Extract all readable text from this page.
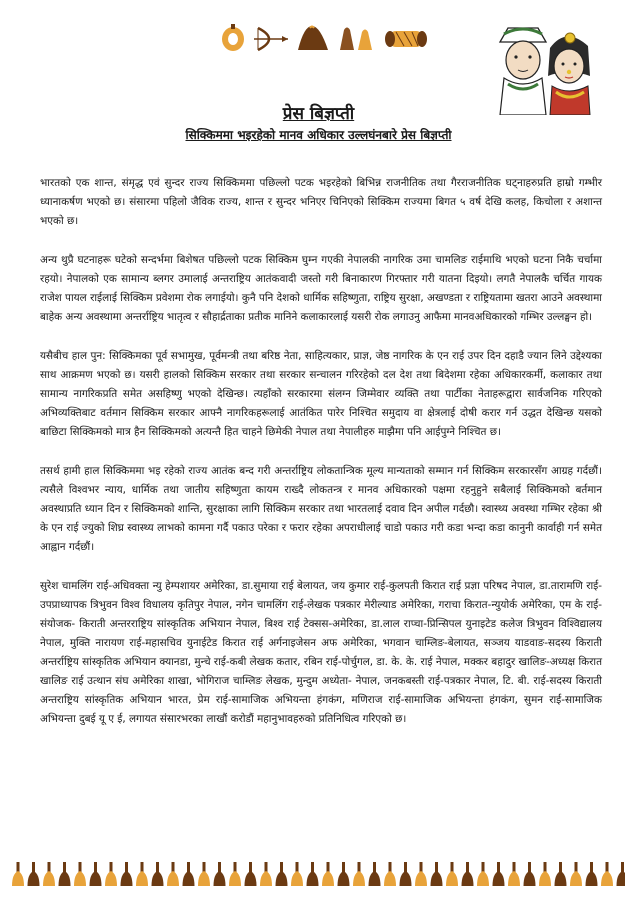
प्रेस बिज्ञप्ती
सिक्किममा भइरहेको मानव अधिकार उल्लघंनबारे प्रेस बिज्ञप्ती

भारतको एक शान्त, संमृद्ध एवं सुन्दर राज्य सिक्किममा पछिल्लो पटक भइरहेको बिभिन्न राजनीतिक तथा गैरराजनीतिक घट्नाहरुप्रति हाम्रो गम्भीर ध्यानाकर्षण भएको छ। संसारमा पहिलो जैविक राज्य, शान्त र सुन्दर भनिएर चिनिएको सिक्किम राज्यमा बिगत ५ वर्ष देखि कलह, किचोला र अशान्त भएको छ।

अन्य थुप्रै घटनाहरू घटेको सन्दर्भमा बिशेषत पछिल्लो पटक सिक्किम घुम्न गएकी नेपालकी नागरिक उमा चामलिङ राईमाथि भएको घटना निकै चर्चामा रहयो। नेपालको एक सामान्य ब्लगर उमालाई अन्तराष्ट्रिय आतंकवादी जस्तो गरी बिनाकारण गिरफ्तार गरी यातना दिइयो। लगतै नेपालकै चर्चित गायक राजेश पायल राईलाई सिक्किम प्रवेशमा रोक लगाईयो। कुनै पनि देशको धार्मिक सहिष्णुता, राष्ट्रिय सुरक्षा, अखण्डता र राष्ट्रियतामा खतरा आउने अवस्थामा बाहेक अन्य अवस्थामा अन्तर्राष्ट्रिय भातृत्व र सौहार्द्रताका प्रतीक मानिने कलाकारलाई यसरी रोक लगाउनु आफैमा मानवअधिकारको गम्भिर उल्लङ्घन हो।

यसैबीच हाल पुन: सिक्किमका पूर्व सभामुख, पूर्वमन्त्री तथा बरिष्ठ नेता, साहित्यकार, प्राज्ञ, जेष्ठ नागरिक के एन राई उपर दिन दहाडै ज्यान लिने उद्देश्यका साथ आक्रमण भएको छ। यसरी हालको सिक्किम सरकार तथा सरकार सन्चालन गरिरहेको दल देश तथा बिदेशमा रहेका अधिकारकर्मी, कलाकार तथा सामान्य नागरिकप्रति समेत असहिष्णु भएको देखिन्छ। त्यहाँको सरकारमा संलग्न जिम्मेवार व्यक्ति तथा पार्टीका नेताहरूद्वारा सार्वजनिक गरिएको अभिव्यक्तिबाट वर्तमान सिक्किम सरकार आफ्नै नागरिकहरूलाई आतंकित पारेर निश्चित समुदाय वा क्षेत्रलाई दोषी करार गर्न उद्धत देखिन्छ यसको बाछिटा सिक्किमको मात्र हैन सिक्किमको अत्यन्तै हित चाहने छिमेकी नेपाल तथा नेपालीहरु माझैमा पनि आईपुग्ने निश्चित छ।

तसर्थ हामी हाल सिक्किममा भइ रहेको राज्य आतंक बन्द गरी अन्तर्राष्ट्रिय लोकतान्त्रिक मूल्य मान्यताको सम्मान गर्न सिक्किम सरकारसँग आग्रह गर्दछौं। त्यसैले विश्वभर न्याय, धार्मिक तथा जातीय सहिष्णुता कायम राख्दै लोकतन्त्र र मानव अधिकारको पक्षमा रहनुहुने सबैलाई सिक्किमको बर्तमान अवस्थाप्रति ध्यान दिन र सिक्किमको शान्ति, सुरक्षाका लागि सिक्किम सरकार तथा भारतलाई दवाव दिन अपील गर्दछौ। स्वास्थ्य अवस्था गम्भिर रहेका श्री के एन राई ज्युको शिघ्र स्वास्थ्य लाभको कामना गर्दै पकाउ परेका र फरार रहेका अपराधीलाई चाडो पकाउ गरी कडा भन्दा कडा कानुनी कार्वाही गर्न समेत आह्वान गर्दछौं।

सुरेश चामलिंग राई-अधिवक्ता न्यु हेम्पशायर अमेरिका, डा.सुमाया राई बेलायत, जय कुमार राई-कुलपती किरात राई प्रज्ञा परिषद नेपाल, डा.तारामणि राई-उपप्राध्यापक त्रिभुवन विश्व विधालय कृतिपुर नेपाल, नगेन चामलिंग राई-लेखक पत्रकार मेरील्याड अमेरिका, गराचा किरात-न्युयोर्क अमेरिका, एम के राई-संयोजक- किराती अन्तरराष्ट्रिय सांस्कृतिक अभियान नेपाल, बिश्व राई टेक्सस-अमेरिका, डा.लाल राप्चा-प्रिन्सिपल युनाइटेड कलेज त्रिभुवन विश्विद्यालय नेपाल, मुक्ति नारायण राई-महासचिव युनाईटेड किरात राई अर्गनाइजेसन अफ अमेरिका, भगवान चाम्लिङ-बेलायत, सञ्जय याडवाङ-सदस्य किराती अन्तर्राष्ट्रिय सांस्कृतिक अभियान क्यानडा, मुन्चे राई-कबी लेखक कतार, रबिन राई-पोर्चुगल, डा. के. के. राई नेपाल, मक्कर बहादुर खालिङ-अध्यक्ष किरात खालिङ राई उत्थान संघ अमेरिका शाखा, भोगिराज चाम्लिङ लेखक, मुन्दुम अध्येता- नेपाल, जनकबस्ती राई-पत्रकार नेपाल, टि. बी. राई-सदस्य किराती अन्तराष्ट्रिय सांस्कृतिक अभियान भारत, प्रेम राई-सामाजिक अभियन्ता हंगकंग, मणिराज राई-सामाजिक अभियन्ता हंगकंग, सुमन राई-सामाजिक अभियन्ता दुबई यू ए ई, लगायत संसारभरका लाखौं करोडौं महानुभावहरुको प्रतिनिधित्व गरिएको छ।
